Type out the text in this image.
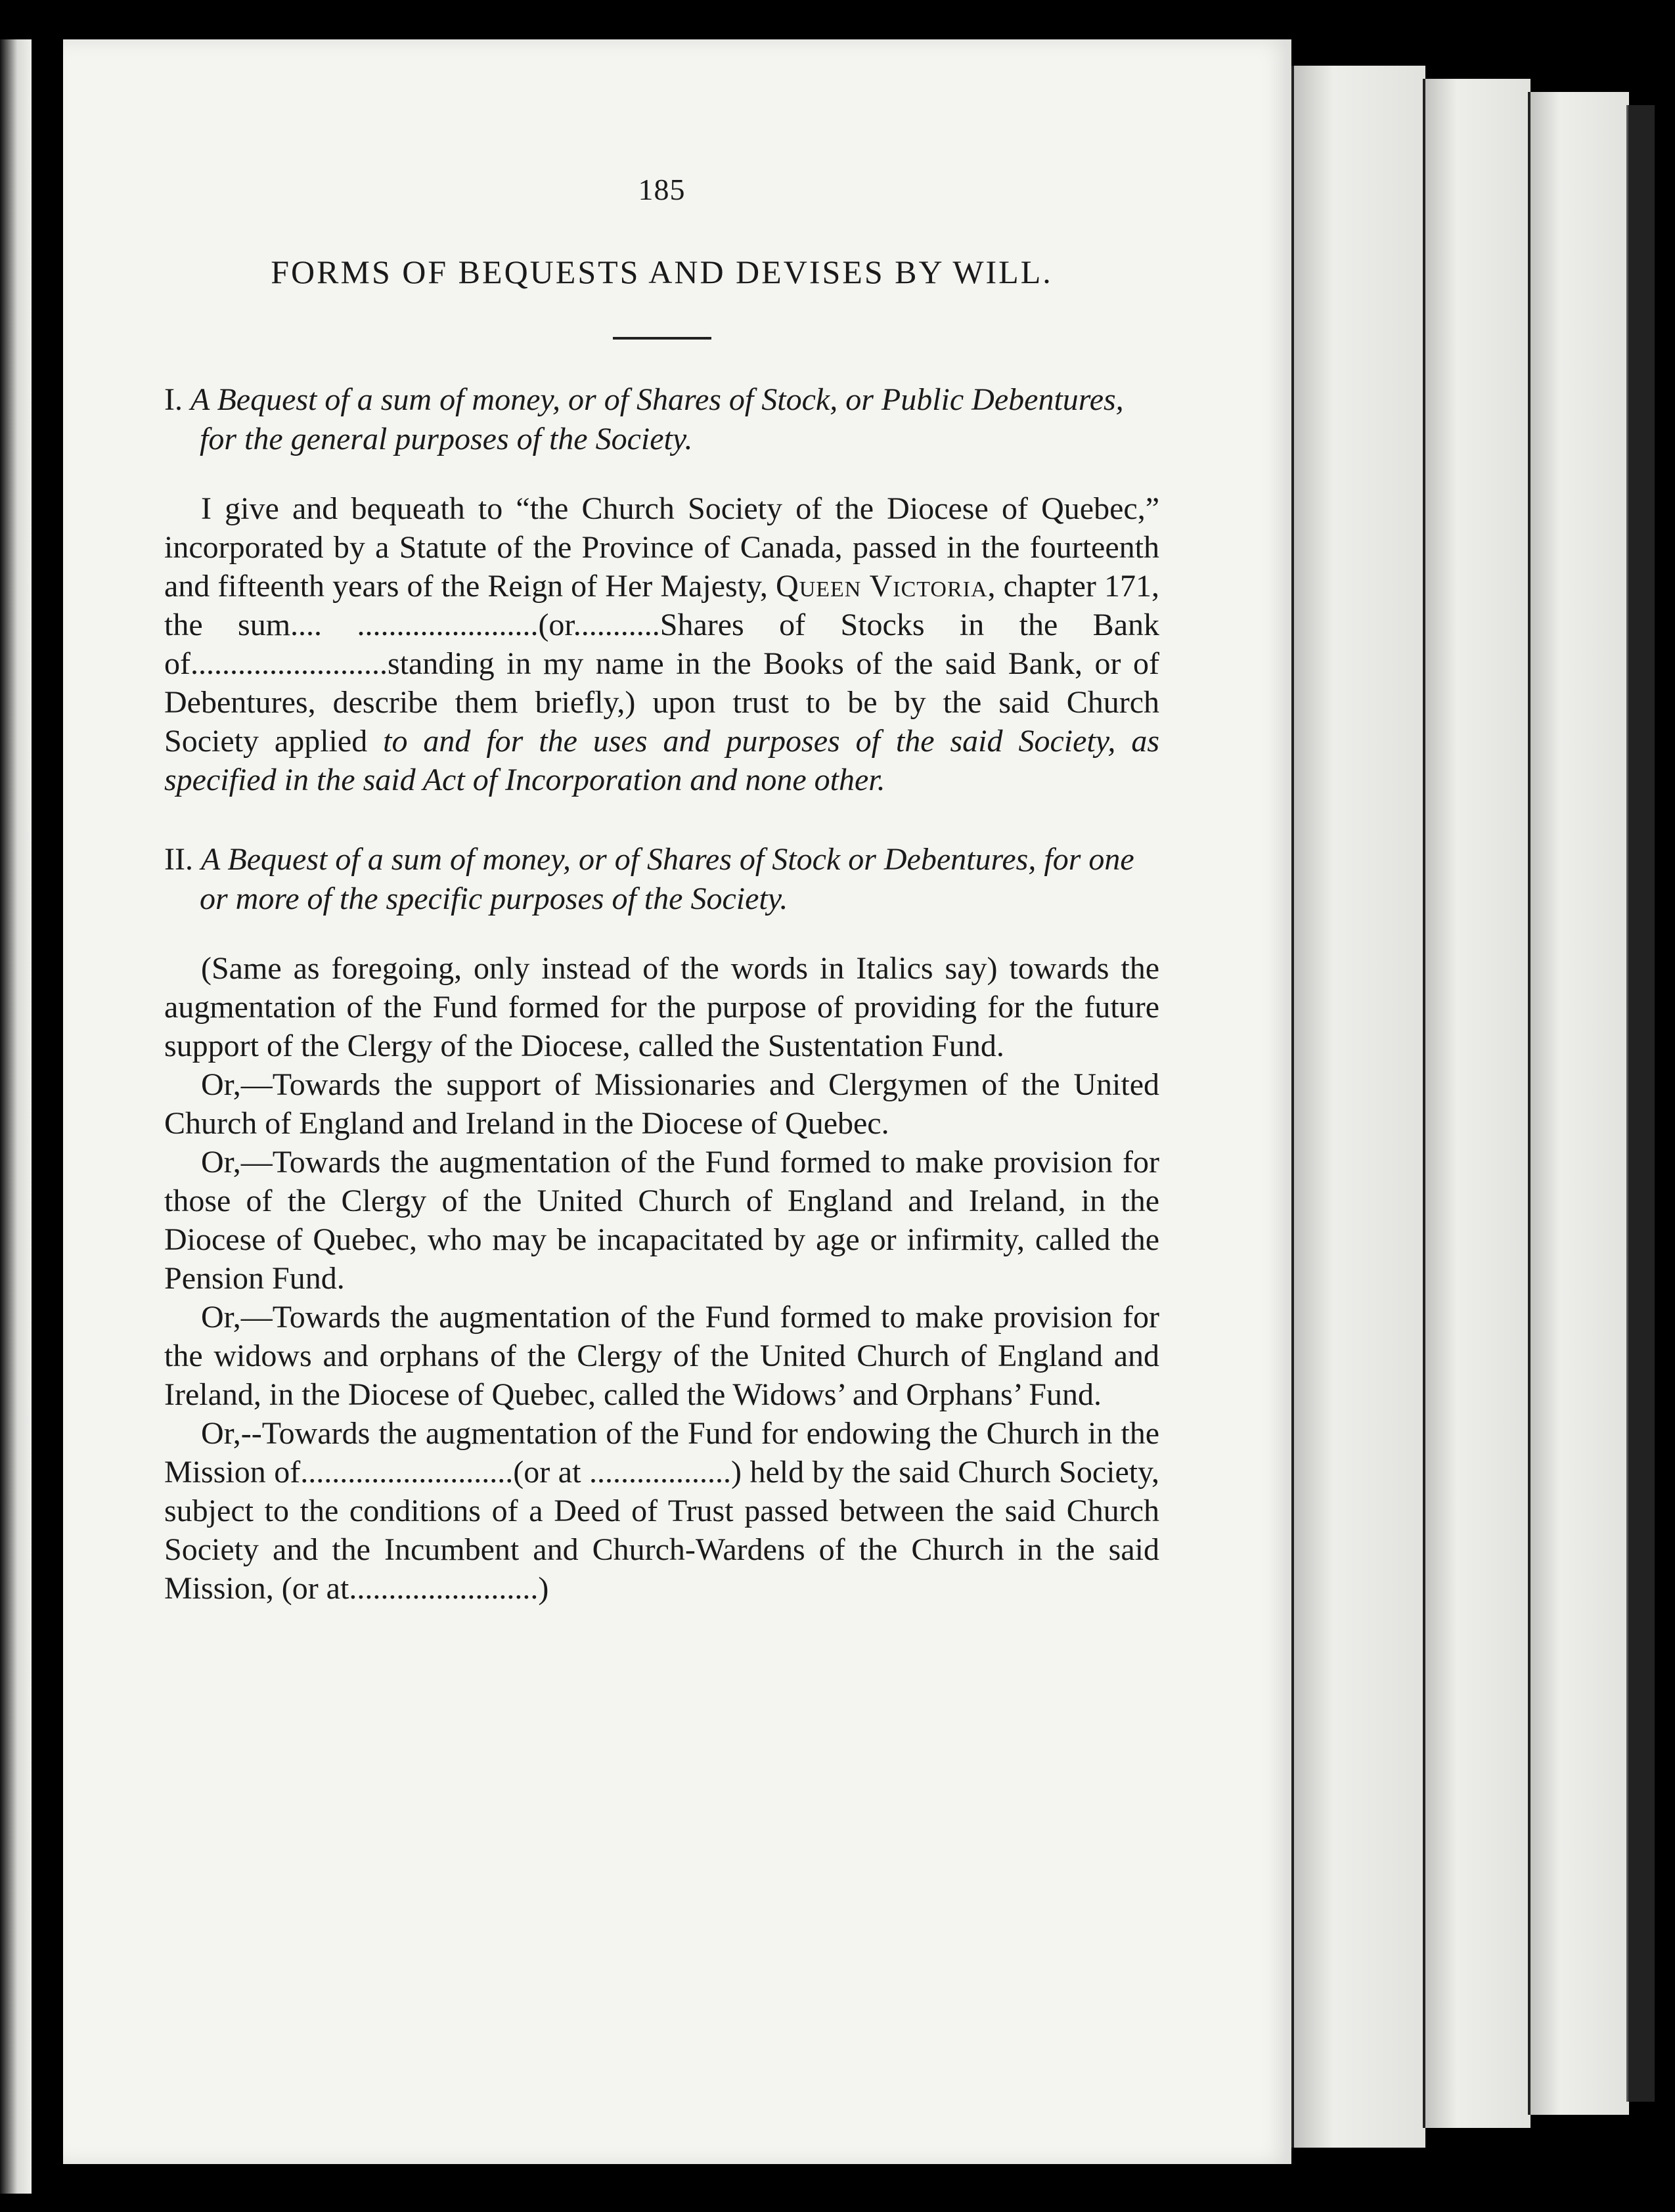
185
FORMS OF BEQUESTS AND DEVISES BY WILL.

I. A Bequest of a sum of money, or of Shares of Stock, or Public Debentures, for the general purposes of the Society.

I give and bequeath to “the Church Society of the Diocese of Quebec,” incorporated by a Statute of the Province of Canada, passed in the fourteenth and fifteenth years of the Reign of Her Majesty, Queen Victoria, chapter 171, the sum.... .......................(or...........Shares of Stocks in the Bank of.........................standing in my name in the Books of the said Bank, or of Debentures, describe them briefly,) upon trust to be by the said Church Society applied to and for the uses and purposes of the said Society, as specified in the said Act of Incorporation and none other.

II. A Bequest of a sum of money, or of Shares of Stock or Debentures, for one or more of the specific purposes of the Society.

(Same as foregoing, only instead of the words in Italics say) towards the augmentation of the Fund formed for the purpose of providing for the future support of the Clergy of the Diocese, called the Sustentation Fund.

Or,—Towards the support of Missionaries and Clergymen of the United Church of England and Ireland in the Diocese of Quebec.

Or,—Towards the augmentation of the Fund formed to make provision for those of the Clergy of the United Church of England and Ireland, in the Diocese of Quebec, who may be incapacitated by age or infirmity, called the Pension Fund.

Or,—Towards the augmentation of the Fund formed to make provision for the widows and orphans of the Clergy of the United Church of England and Ireland, in the Diocese of Quebec, called the Widows’ and Orphans’ Fund.

Or,--Towards the augmentation of the Fund for endowing the Church in the Mission of...........................(or at ..................) held by the said Church Society, subject to the conditions of a Deed of Trust passed between the said Church Society and the Incumbent and Church-Wardens of the Church in the said Mission, (or at........................)
